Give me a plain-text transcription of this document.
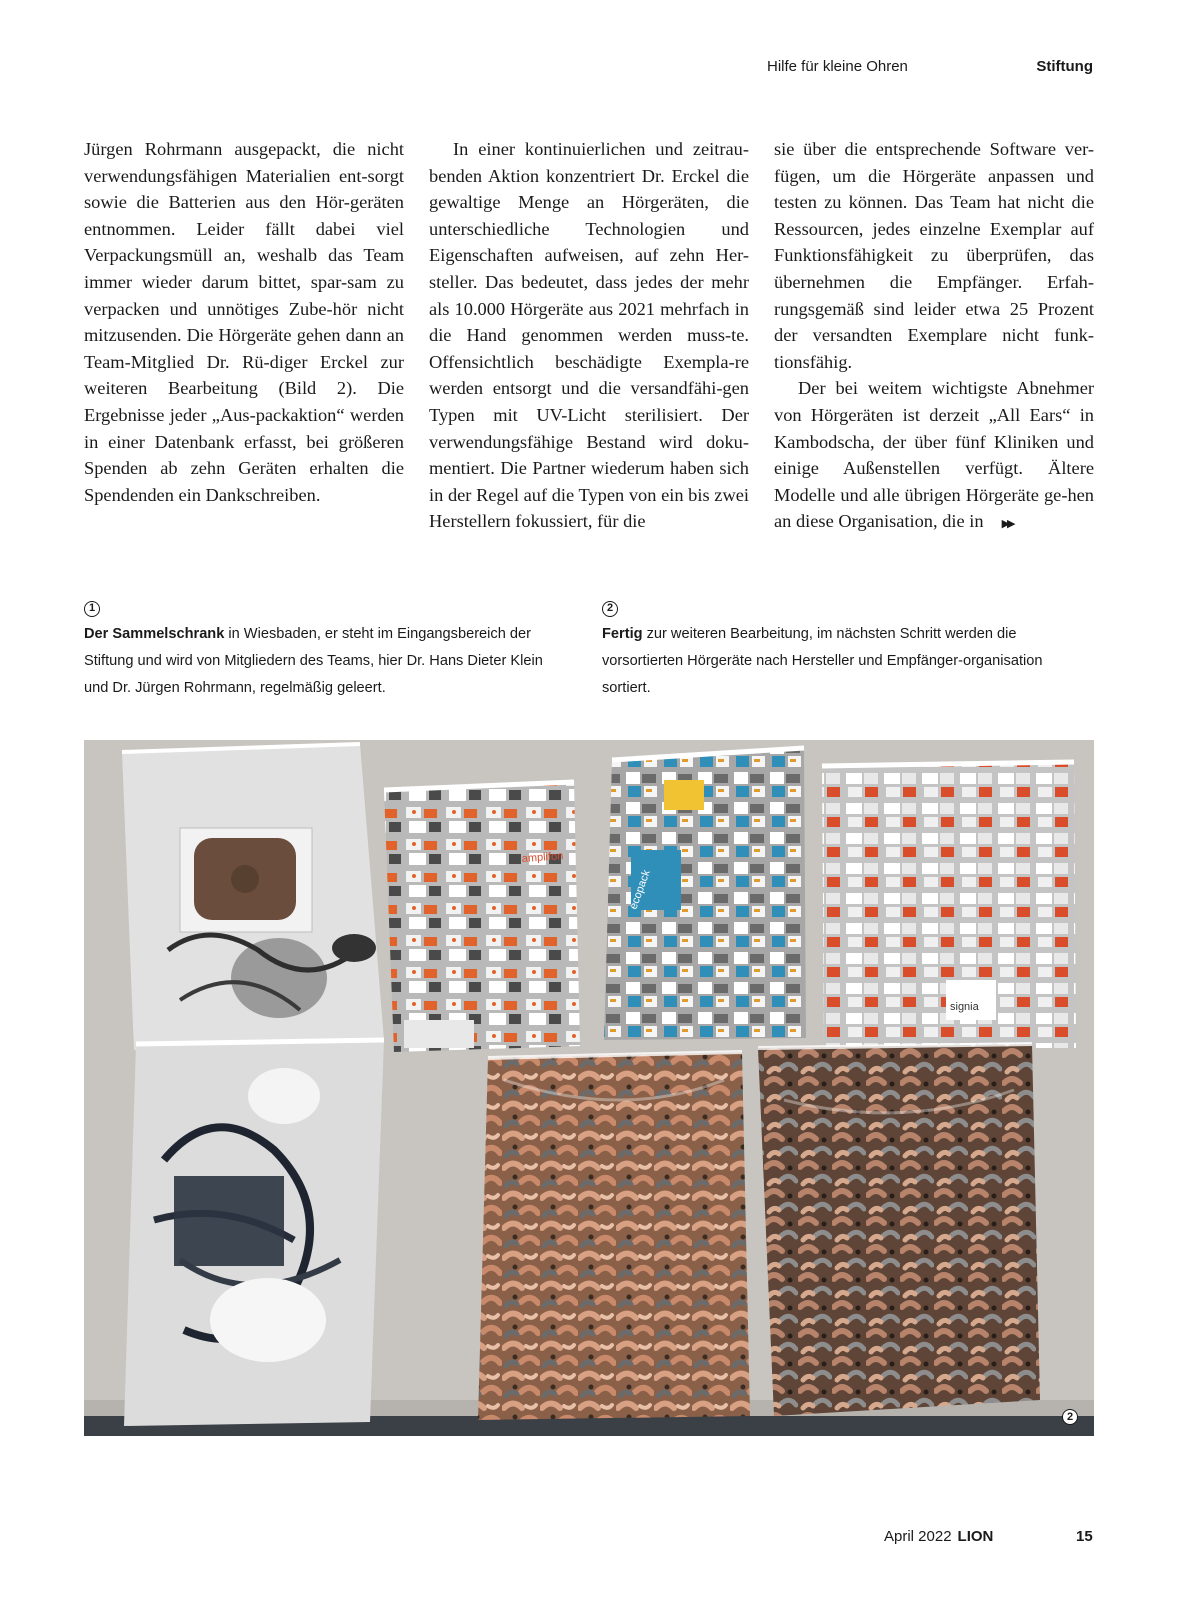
Hilfe für kleine Ohren	Stiftung

Jürgen Rohrmann ausgepackt, die nicht verwendungsfähigen Materialien ent-sorgt sowie die Batterien aus den Hör-geräten entnommen. Leider fällt dabei viel Verpackungsmüll an, weshalb das Team immer wieder darum bittet, spar-sam zu verpacken und unnötiges Zube-hör nicht mitzusenden. Die Hörgeräte gehen dann an Team-Mitglied Dr. Rü-diger Erckel zur weiteren Bearbeitung (Bild 2). Die Ergebnisse jeder „Aus-packaktion“ werden in einer Datenbank erfasst, bei größeren Spenden ab zehn Geräten erhalten die Spendenden ein Dankschreiben.

In einer kontinuierlichen und zeitrau-benden Aktion konzentriert Dr. Erckel die gewaltige Menge an Hörgeräten, die unterschiedliche Technologien und Eigenschaften aufweisen, auf zehn Her-steller. Das bedeutet, dass jedes der mehr als 10.000 Hörgeräte aus 2021 mehrfach in die Hand genommen werden muss-te. Offensichtlich beschädigte Exempla-re werden entsorgt und die versandfähi-gen Typen mit UV-Licht sterilisiert. Der verwendungsfähige Bestand wird doku-mentiert. Die Partner wiederum haben sich in der Regel auf die Typen von ein bis zwei Herstellern fokussiert, für die

sie über die entsprechende Software ver-fügen, um die Hörgeräte anpassen und testen zu können. Das Team hat nicht die Ressourcen, jedes einzelne Exemplar auf Funktionsfähigkeit zu überprüfen, das übernehmen die Empfänger. Erfah-rungsgemäß sind leider etwa 25 Prozent der versandten Exemplare nicht funk-tionsfähig.

Der bei weitem wichtigste Abnehmer von Hörgeräten ist derzeit „All Ears“ in Kambodscha, der über fünf Kliniken und einige Außenstellen verfügt. Ältere Modelle und alle übrigen Hörgeräte ge-hen an diese Organisation, die in ▶▶

1
Der Sammelschrank in Wiesbaden, er steht im Eingangsbereich der Stiftung und wird von Mitgliedern des Teams, hier Dr. Hans Dieter Klein und Dr. Jürgen Rohrmann, regelmäßig geleert.
2
Fertig zur weiteren Bearbeitung, im nächsten Schritt werden die vorsortierten Hörgeräte nach Hersteller und Empfänger-organisation sortiert.
amplifon
ecopack
signia
2
April 2022 LION	15
